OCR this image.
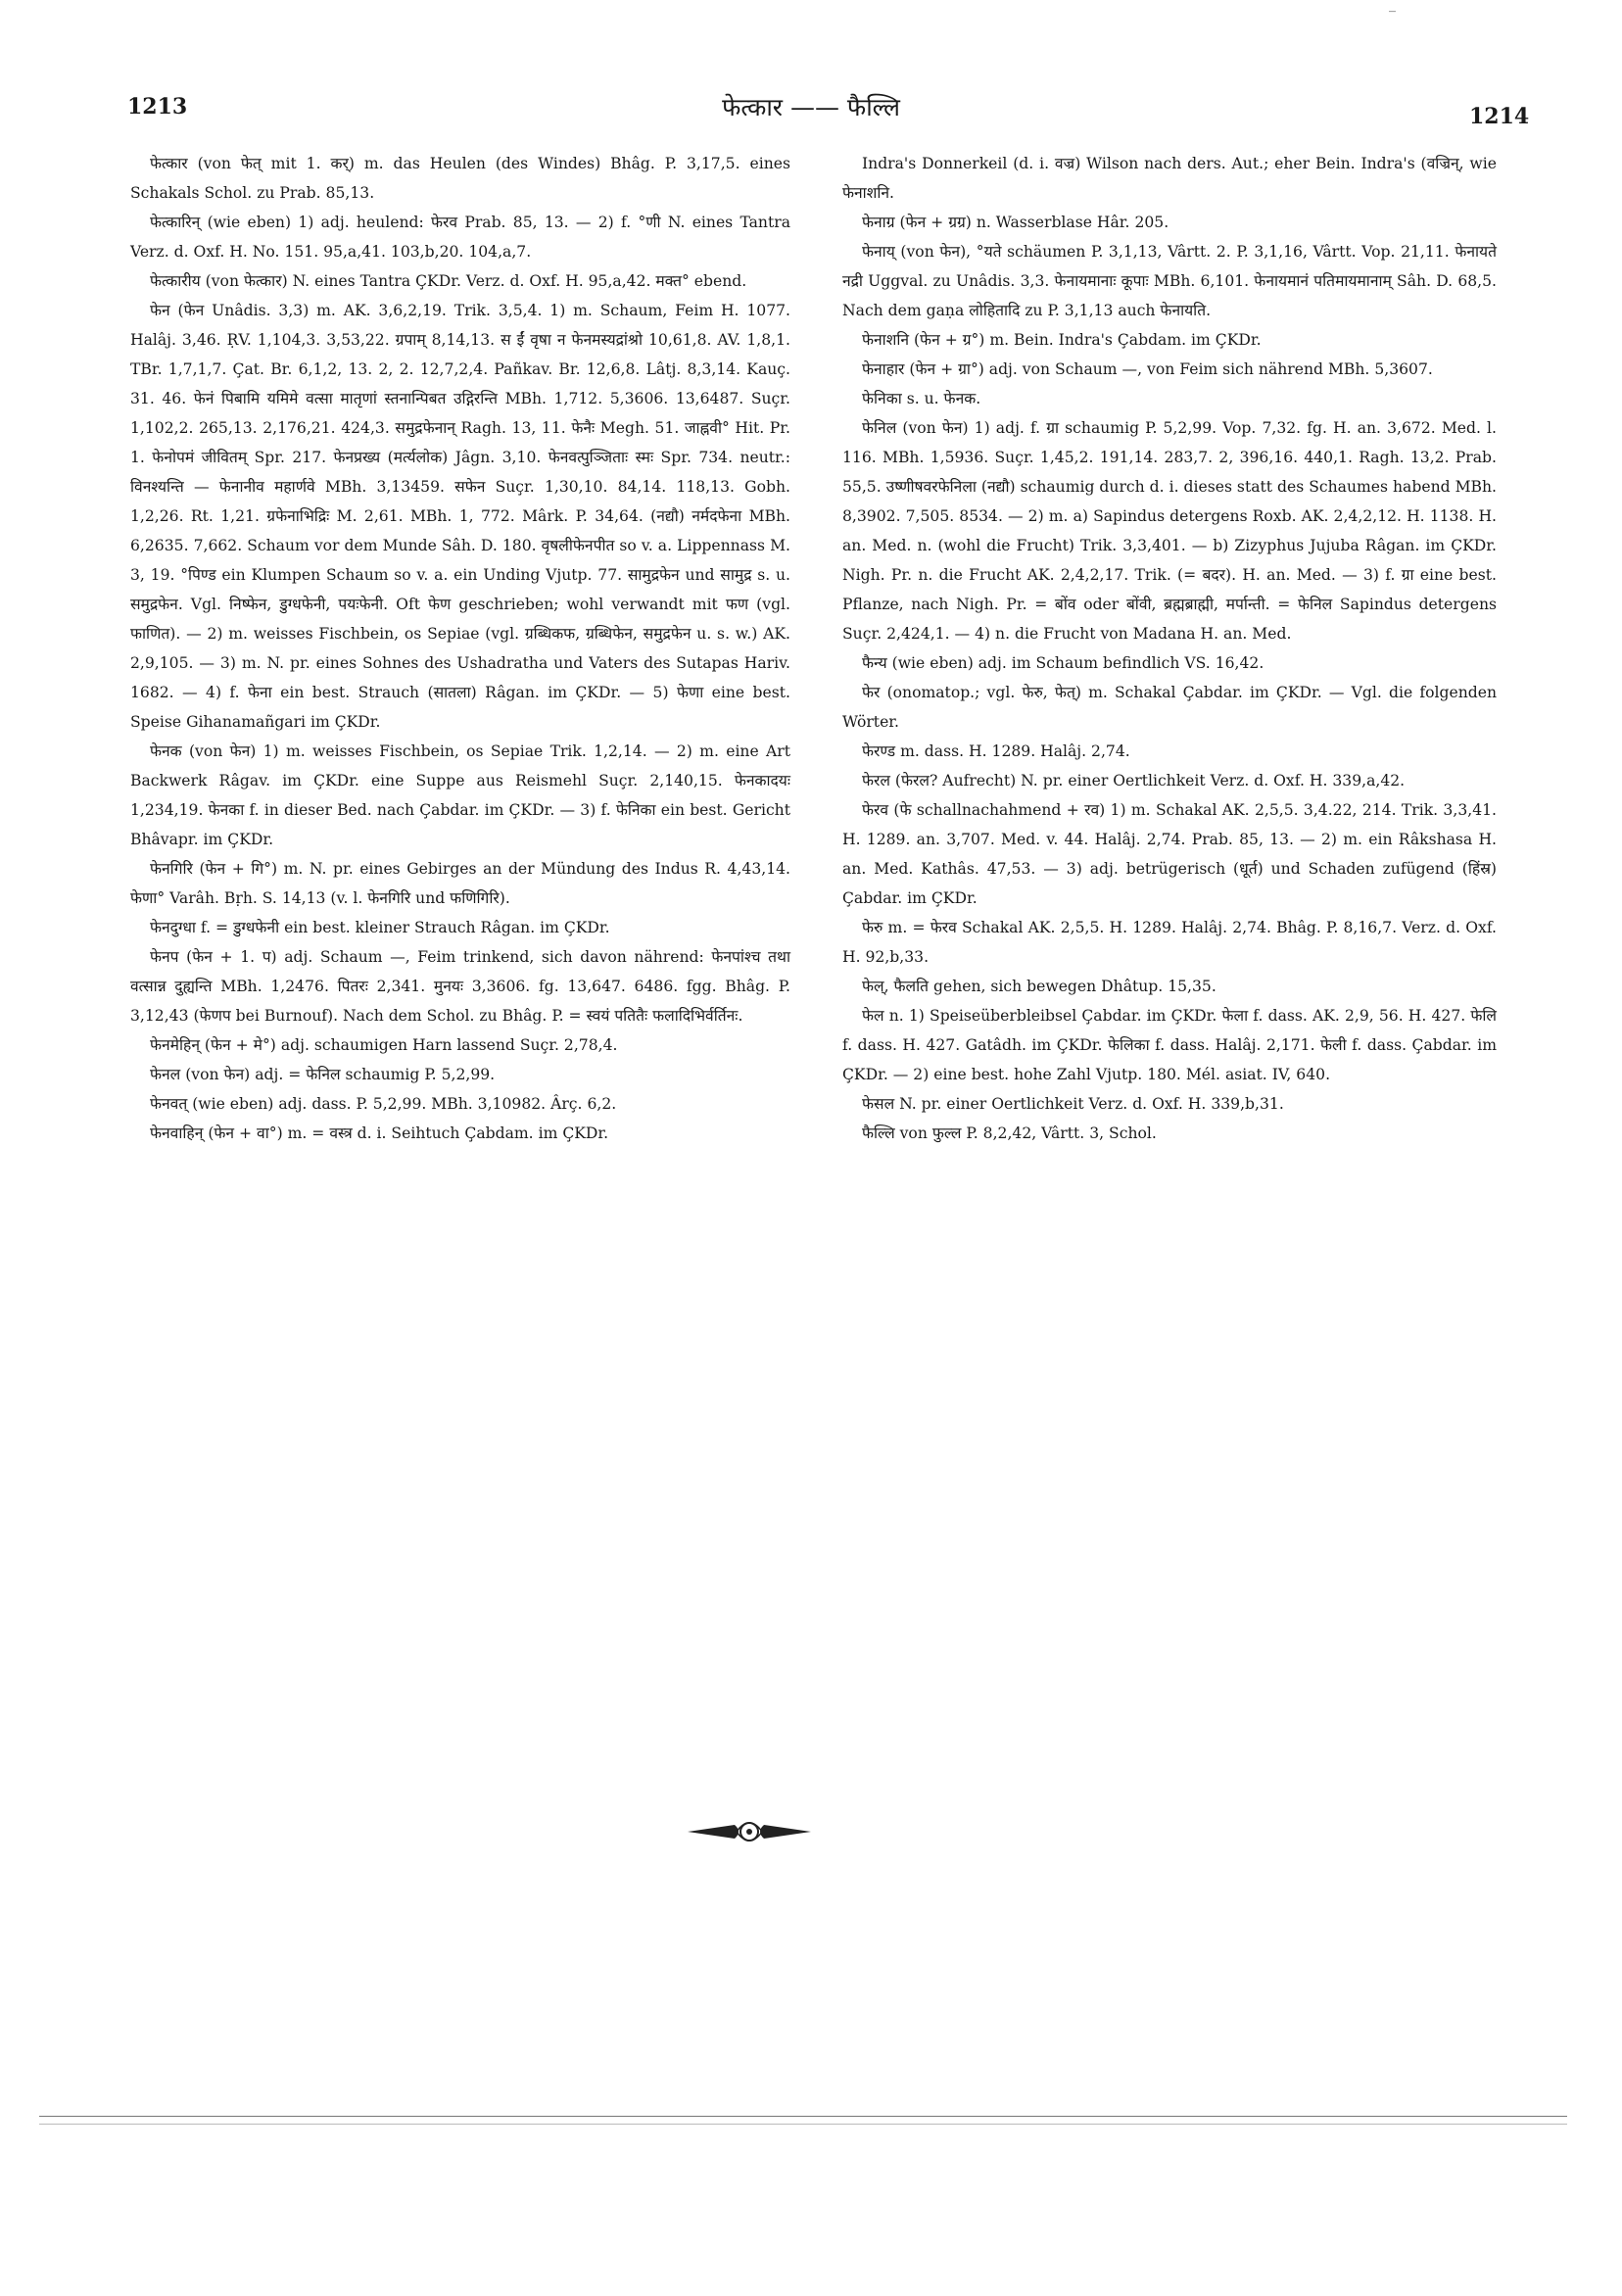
‾
1213	फेत्कार —— फैल्लि	1214

फेत्कार (von फेत् mit 1. कर्) m. das Heulen (des Windes) Bhâg. P. 3,17,5. eines Schakals Schol. zu Prab. 85,13.

फेत्कारिन् (wie eben) 1) adj. heulend: फेरव Prab. 85, 13. — 2) f. °णी N. eines Tantra Verz. d. Oxf. H. No. 151. 95,a,41. 103,b,20. 104,a,7.

फेत्कारीय (von फेत्कार) N. eines Tantra ÇKDr. Verz. d. Oxf. H. 95,a,42. मक्त° ebend.

फेन (फेन Unâdis. 3,3) m. AK. 3,6,2,19. Trik. 3,5,4. 1) m. Schaum, Feim H. 1077. Halâj. 3,46. ṚV. 1,104,3. 3,53,22. ग्रपाम् 8,14,13. स ईं वृषा न फेनमस्यद्रांश्रो 10,61,8. AV. 1,8,1. TBr. 1,7,1,7. Çat. Br. 6,1,2, 13. 2, 2. 12,7,2,4. Pañkav. Br. 12,6,8. Lâtj. 8,3,14. Kauç. 31. 46. फेनं पिबामि यमिमे वत्सा मातृणां स्तनान्पिबत उद्गिरन्ति MBh. 1,712. 5,3606. 13,6487. Suçr. 1,102,2. 265,13. 2,176,21. 424,3. समुद्रफेनान् Ragh. 13, 11. फेनैः Megh. 51. जाह्नवी° Hit. Pr. 1. फेनोपमं जीवितम् Spr. 217. फेनप्रख्य (मर्त्यलोक) Jâgn. 3,10. फेनवत्पुञ्जिताः स्मः Spr. 734. neutr.: विनश्यन्ति — फेनानीव महार्णवे MBh. 3,13459. सफेन Suçr. 1,30,10. 84,14. 118,13. Gobh. 1,2,26. Rt. 1,21. ग्रफेनाभिद्रिः M. 2,61. MBh. 1, 772. Mârk. P. 34,64. (नद्यौ) नर्मदफेना MBh. 6,2635. 7,662. Schaum vor dem Munde Sâh. D. 180. वृषलीफेनपीत so v. a. Lippennass M. 3, 19. °पिण्ड ein Klumpen Schaum so v. a. ein Unding Vjutp. 77. सामुद्रफेन und सामुद्र s. u. समुद्रफेन. Vgl. निष्फेन, डुग्धफेनी, पयःफेनी. Oft फेण geschrieben; wohl verwandt mit फण (vgl. फाणित). — 2) m. weisses Fischbein, os Sepiae (vgl. ग्रब्धिकफ, ग्रब्धिफेन, समुद्रफेन u. s. w.) AK. 2,9,105. — 3) m. N. pr. eines Sohnes des Ushadratha und Vaters des Sutapas Hariv. 1682. — 4) f. फेना ein best. Strauch (सातला) Râgan. im ÇKDr. — 5) फेणा eine best. Speise Gihanamañgari im ÇKDr.

फेनक (von फेन) 1) m. weisses Fischbein, os Sepiae Trik. 1,2,14. — 2) m. eine Art Backwerk Râgav. im ÇKDr. eine Suppe aus Reismehl Suçr. 2,140,15. फेनकादयः 1,234,19. फेनका f. in dieser Bed. nach Çabdar. im ÇKDr. — 3) f. फेनिका ein best. Gericht Bhâvapr. im ÇKDr.

फेनगिरि (फेन + गि°) m. N. pr. eines Gebirges an der Mündung des Indus R. 4,43,14. फेणा° Varâh. Bṛh. S. 14,13 (v. l. फेनगिरि und फणिगिरि).

फेनदुग्धा f. = डुग्धफेनी ein best. kleiner Strauch Râgan. im ÇKDr.

फेनप (फेन + 1. प) adj. Schaum —, Feim trinkend, sich davon nährend: फेनपांश्च तथा वत्सान्न दुह्यन्ति MBh. 1,2476. पितरः 2,341. मुनयः 3,3606. fg. 13,647. 6486. fgg. Bhâg. P. 3,12,43 (फेणप bei Burnouf). Nach dem Schol. zu Bhâg. P. = स्वयं पतितैः फलादिभिर्वर्तिनः.

फेनमेहिन् (फेन + मे°) adj. schaumigen Harn lassend Suçr. 2,78,4.

फेनल (von फेन) adj. = फेनिल schaumig P. 5,2,99.

फेनवत् (wie eben) adj. dass. P. 5,2,99. MBh. 3,10982. Ârç. 6,2.

फेनवाहिन् (फेन + वा°) m. = वस्त्र d. i. Seihtuch Çabdam. im ÇKDr.

Indra's Donnerkeil (d. i. वज्र) Wilson nach ders. Aut.; eher Bein. Indra's (वज्रिन्, wie फेनाशनि.

फेनाग्र (फेन + ग्रग्र) n. Wasserblase Hâr. 205.

फेनाय् (von फेन), °यते schäumen P. 3,1,13, Vârtt. 2. P. 3,1,16, Vârtt. Vop. 21,11. फेनायते नद्री Uggval. zu Unâdis. 3,3. फेनायमानाः कूपाः MBh. 6,101. फेनायमानं पतिमायमानाम् Sâh. D. 68,5. Nach dem gaṇa लोहितादि zu P. 3,1,13 auch फेनायति.

फेनाशनि (फेन + ग्र°) m. Bein. Indra's Çabdam. im ÇKDr.

फेनाहार (फेन + ग्रा°) adj. von Schaum —, von Feim sich nährend MBh. 5,3607.

फेनिका s. u. फेनक.

फेनिल (von फेन) 1) adj. f. ग्रा schaumig P. 5,2,99. Vop. 7,32. fg. H. an. 3,672. Med. l. 116. MBh. 1,5936. Suçr. 1,45,2. 191,14. 283,7. 2, 396,16. 440,1. Ragh. 13,2. Prab. 55,5. उष्णीषवरफेनिला (नद्यौ) schaumig durch d. i. dieses statt des Schaumes habend MBh. 8,3902. 7,505. 8534. — 2) m. a) Sapindus detergens Roxb. AK. 2,4,2,12. H. 1138. H. an. Med. n. (wohl die Frucht) Trik. 3,3,401. — b) Zizyphus Jujuba Râgan. im ÇKDr. Nigh. Pr. n. die Frucht AK. 2,4,2,17. Trik. (= बदर). H. an. Med. — 3) f. ग्रा eine best. Pflanze, nach Nigh. Pr. = बोंव oder बोंवी, ब्रह्मब्राह्मी, मर्पान्ती. = फेनिल Sapindus detergens Suçr. 2,424,1. — 4) n. die Frucht von Madana H. an. Med.

फैन्य (wie eben) adj. im Schaum befindlich VS. 16,42.

फेर (onomatop.; vgl. फेरु, फेत्) m. Schakal Çabdar. im ÇKDr. — Vgl. die folgenden Wörter.

फेरण्ड m. dass. H. 1289. Halâj. 2,74.

फेरल (फेरल? Aufrecht) N. pr. einer Oertlichkeit Verz. d. Oxf. H. 339,a,42.

फेरव (फे schallnachahmend + रव) 1) m. Schakal AK. 2,5,5. 3,4.22, 214. Trik. 3,3,41. H. 1289. an. 3,707. Med. v. 44. Halâj. 2,74. Prab. 85, 13. — 2) m. ein Râkshasa H. an. Med. Kathâs. 47,53. — 3) adj. betrügerisch (धूर्त) und Schaden zufügend (हिंस्र) Çabdar. im ÇKDr.

फेरु m. = फेरव Schakal AK. 2,5,5. H. 1289. Halâj. 2,74. Bhâg. P. 8,16,7. Verz. d. Oxf. H. 92,b,33.

फेल्, फैलति gehen, sich bewegen Dhâtup. 15,35.

फेल n. 1) Speiseüberbleibsel Çabdar. im ÇKDr. फेला f. dass. AK. 2,9, 56. H. 427. फेलि f. dass. H. 427. Gatâdh. im ÇKDr. फेलिका f. dass. Halâj. 2,171. फेली f. dass. Çabdar. im ÇKDr. — 2) eine best. hohe Zahl Vjutp. 180. Mél. asiat. IV, 640.

फेसल N. pr. einer Oertlichkeit Verz. d. Oxf. H. 339,b,31.

फैल्लि von फुल्ल P. 8,2,42, Vârtt. 3, Schol.
